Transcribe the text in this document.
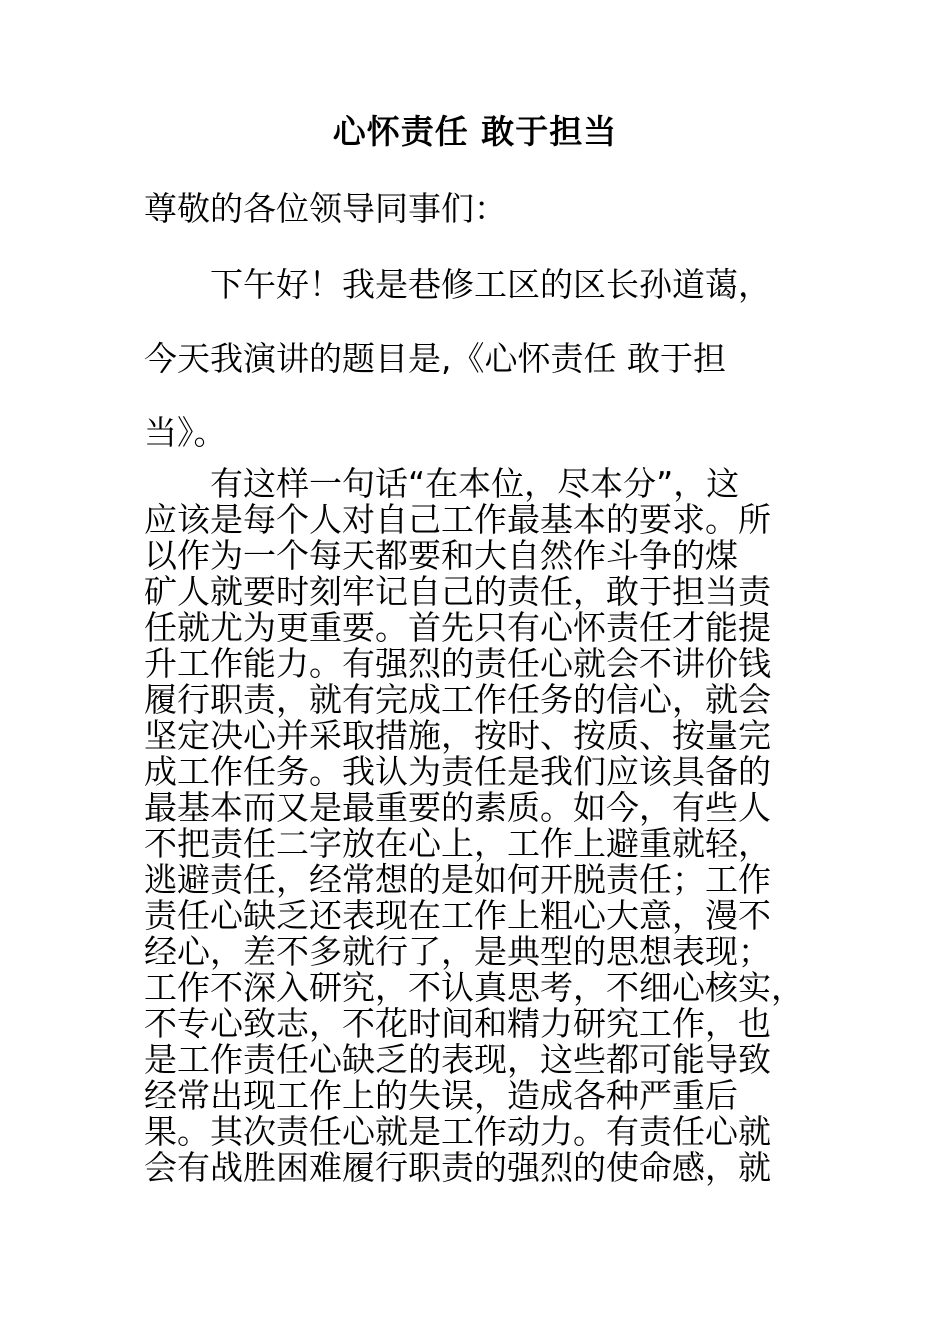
心怀责任 敢于担当
尊敬的各位领导同事们：
　　下午好！我是巷修工区的区长孙道蔼，
今天我演讲的题目是,《心怀责任 敢于担
当》。
　　有这样一句话“在本位，尽本分”，这
应该是每个人对自己工作最基本的要求。所
以作为一个每天都要和大自然作斗争的煤
矿人就要时刻牢记自己的责任，敢于担当责
任就尤为更重要。首先只有心怀责任才能提
升工作能力。有强烈的责任心就会不讲价钱
履行职责，就有完成工作任务的信心，就会
坚定决心并采取措施，按时、按质、按量完
成工作任务。我认为责任是我们应该具备的
最基本而又是最重要的素质。如今，有些人
不把责任二字放在心上，工作上避重就轻，
逃避责任，经常想的是如何开脱责任；工作
责任心缺乏还表现在工作上粗心大意，漫不
经心，差不多就行了，是典型的思想表现；
工作不深入研究，不认真思考，不细心核实，
不专心致志，不花时间和精力研究工作，也
是工作责任心缺乏的表现，这些都可能导致
经常出现工作上的失误，造成各种严重后
果。其次责任心就是工作动力。有责任心就
会有战胜困难履行职责的强烈的使命感，就
